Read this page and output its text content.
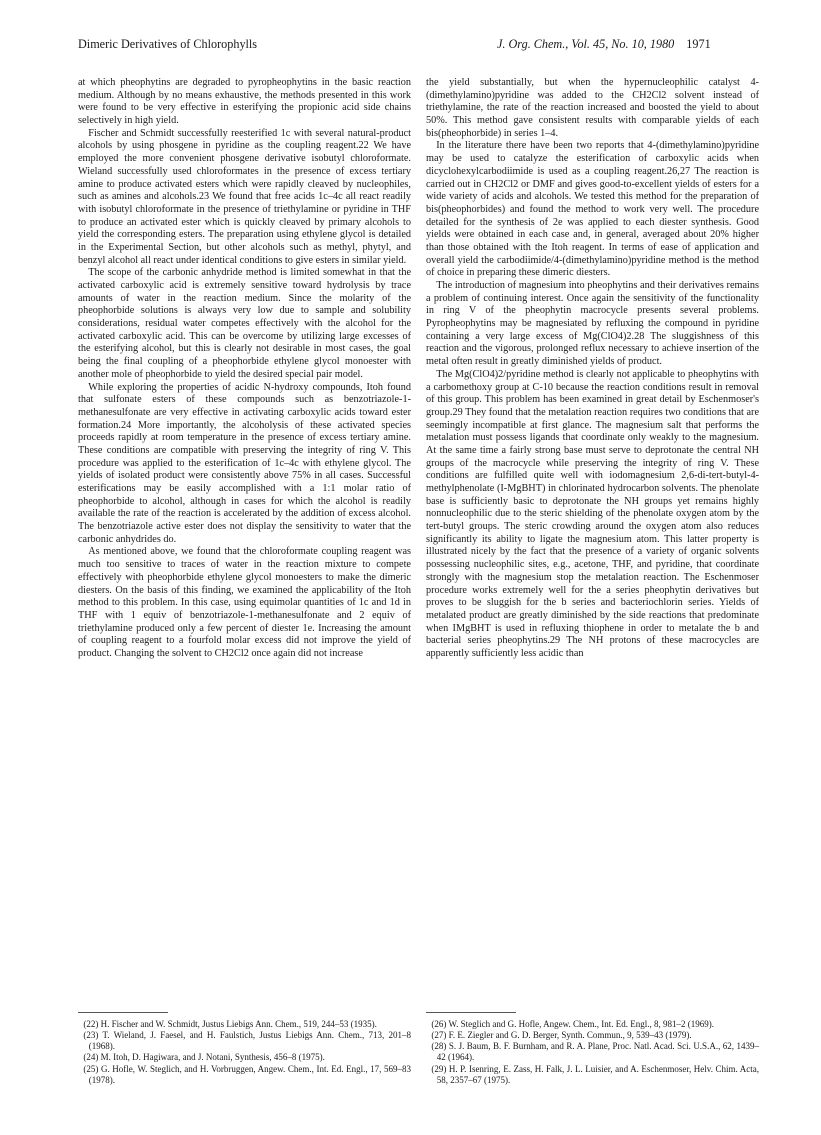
Dimeric Derivatives of Chlorophylls	J. Org. Chem., Vol. 45, No. 10, 1980 1971

at which pheophytins are degraded to pyropheophytins in the basic reaction medium. Although by no means exhaustive, the methods presented in this work were found to be very effective in esterifying the propionic acid side chains selectively in high yield.

Fischer and Schmidt successfully reesterified 1c with several natural-product alcohols by using phosgene in pyridine as the coupling reagent.22 We have employed the more convenient phosgene derivative isobutyl chloroformate. Wieland successfully used chloroformates in the presence of excess tertiary amine to produce activated esters which were rapidly cleaved by nucleophiles, such as amines and alcohols.23 We found that free acids 1c–4c all react readily with isobutyl chloroformate in the presence of triethylamine or pyridine in THF to produce an activated ester which is quickly cleaved by primary alcohols to yield the corresponding esters. The preparation using ethylene glycol is detailed in the Experimental Section, but other alcohols such as methyl, phytyl, and benzyl alcohol all react under identical conditions to give esters in similar yield.

The scope of the carbonic anhydride method is limited somewhat in that the activated carboxylic acid is extremely sensitive toward hydrolysis by trace amounts of water in the reaction medium. Since the molarity of the pheophorbide solutions is always very low due to sample and solubility considerations, residual water competes effectively with the alcohol for the activated carboxylic acid. This can be overcome by utilizing large excesses of the esterifying alcohol, but this is clearly not desirable in most cases, the goal being the final coupling of a pheophorbide ethylene glycol monoester with another mole of pheophorbide to yield the desired special pair model.

While exploring the properties of acidic N-hydroxy compounds, Itoh found that sulfonate esters of these compounds such as benzotriazole-1-methanesulfonate are very effective in activating carboxylic acids toward ester formation.24 More importantly, the alcoholysis of these activated species proceeds rapidly at room temperature in the presence of excess tertiary amine. These conditions are compatible with preserving the integrity of ring V. This procedure was applied to the esterification of 1c–4c with ethylene glycol. The yields of isolated product were consistently above 75% in all cases. Successful esterifications may be easily accomplished with a 1:1 molar ratio of pheophorbide to alcohol, although in cases for which the alcohol is readily available the rate of the reaction is accelerated by the addition of excess alcohol. The benzotriazole active ester does not display the sensitivity to water that the carbonic anhydrides do.

As mentioned above, we found that the chloroformate coupling reagent was much too sensitive to traces of water in the reaction mixture to compete effectively with pheophorbide ethylene glycol monoesters to make the dimeric diesters. On the basis of this finding, we examined the applicability of the Itoh method to this problem. In this case, using equimolar quantities of 1c and 1d in THF with 1 equiv of benzotriazole-1-methanesulfonate and 2 equiv of triethylamine produced only a few percent of diester 1e. Increasing the amount of coupling reagent to a fourfold molar excess did not improve the yield of product. Changing the solvent to CH2Cl2 once again did not increase

the yield substantially, but when the hypernucleophilic catalyst 4-(dimethylamino)pyridine was added to the CH2Cl2 solvent instead of triethylamine, the rate of the reaction increased and boosted the yield to about 50%. This method gave consistent results with comparable yields of each bis(pheophorbide) in series 1–4.

In the literature there have been two reports that 4-(dimethylamino)pyridine may be used to catalyze the esterification of carboxylic acids when dicyclohexylcarbodiimide is used as a coupling reagent.26,27 The reaction is carried out in CH2Cl2 or DMF and gives good-to-excellent yields of esters for a wide variety of acids and alcohols. We tested this method for the preparation of bis(pheophorbides) and found the method to work very well. The procedure detailed for the synthesis of 2e was applied to each diester synthesis. Good yields were obtained in each case and, in general, averaged about 20% higher than those obtained with the Itoh reagent. In terms of ease of application and overall yield the carbodiimide/4-(dimethylamino)pyridine method is the method of choice in preparing these dimeric diesters.

The introduction of magnesium into pheophytins and their derivatives remains a problem of continuing interest. Once again the sensitivity of the functionality in ring V of the pheophytin macrocycle presents several problems. Pyropheophytins may be magnesiated by refluxing the compound in pyridine containing a very large excess of Mg(ClO4)2.28 The sluggishness of this reaction and the vigorous, prolonged reflux necessary to achieve insertion of the metal often result in greatly diminished yields of product.

The Mg(ClO4)2/pyridine method is clearly not applicable to pheophytins with a carbomethoxy group at C-10 because the reaction conditions result in removal of this group. This problem has been examined in great detail by Eschenmoser's group.29 They found that the metalation reaction requires two conditions that are seemingly incompatible at first glance. The magnesium salt that performs the metalation must possess ligands that coordinate only weakly to the magnesium. At the same time a fairly strong base must serve to deprotonate the central NH groups of the macrocycle while preserving the integrity of ring V. These conditions are fulfilled quite well with iodomagnesium 2,6-di-tert-butyl-4-methylphenolate (I-MgBHT) in chlorinated hydrocarbon solvents. The phenolate base is sufficiently basic to deprotonate the NH groups yet remains highly nonnucleophilic due to the steric shielding of the phenolate oxygen atom by the tert-butyl groups. The steric crowding around the oxygen atom also reduces significantly its ability to ligate the magnesium atom. This latter property is illustrated nicely by the fact that the presence of a variety of organic solvents possessing nucleophilic sites, e.g., acetone, THF, and pyridine, that coordinate strongly with the magnesium stop the metalation reaction. The Eschenmoser procedure works extremely well for the a series pheophytin derivatives but proves to be sluggish for the b series and bacteriochlorin series. Yields of metalated product are greatly diminished by the side reactions that predominate when IMgBHT is used in refluxing thiophene in order to metalate the b and bacterial series pheophytins.29 The NH protons of these macrocycles are apparently sufficiently less acidic than

(22) H. Fischer and W. Schmidt, Justus Liebigs Ann. Chem., 519, 244–53 (1935).

(23) T. Wieland, J. Faesel, and H. Faulstich, Justus Liebigs Ann. Chem., 713, 201–8 (1968).

(24) M. Itoh, D. Hagiwara, and J. Notani, Synthesis, 456–8 (1975).

(25) G. Hofle, W. Steglich, and H. Vorbruggen, Angew. Chem., Int. Ed. Engl., 17, 569–83 (1978).

(26) W. Steglich and G. Hofle, Angew. Chem., Int. Ed. Engl., 8, 981–2 (1969).

(27) F. E. Ziegler and G. D. Berger, Synth. Commun., 9, 539–43 (1979).

(28) S. J. Baum, B. F. Burnham, and R. A. Plane, Proc. Natl. Acad. Sci. U.S.A., 62, 1439–42 (1964).

(29) H. P. Isenring, E. Zass, H. Falk, J. L. Luisier, and A. Eschenmoser, Helv. Chim. Acta, 58, 2357–67 (1975).
